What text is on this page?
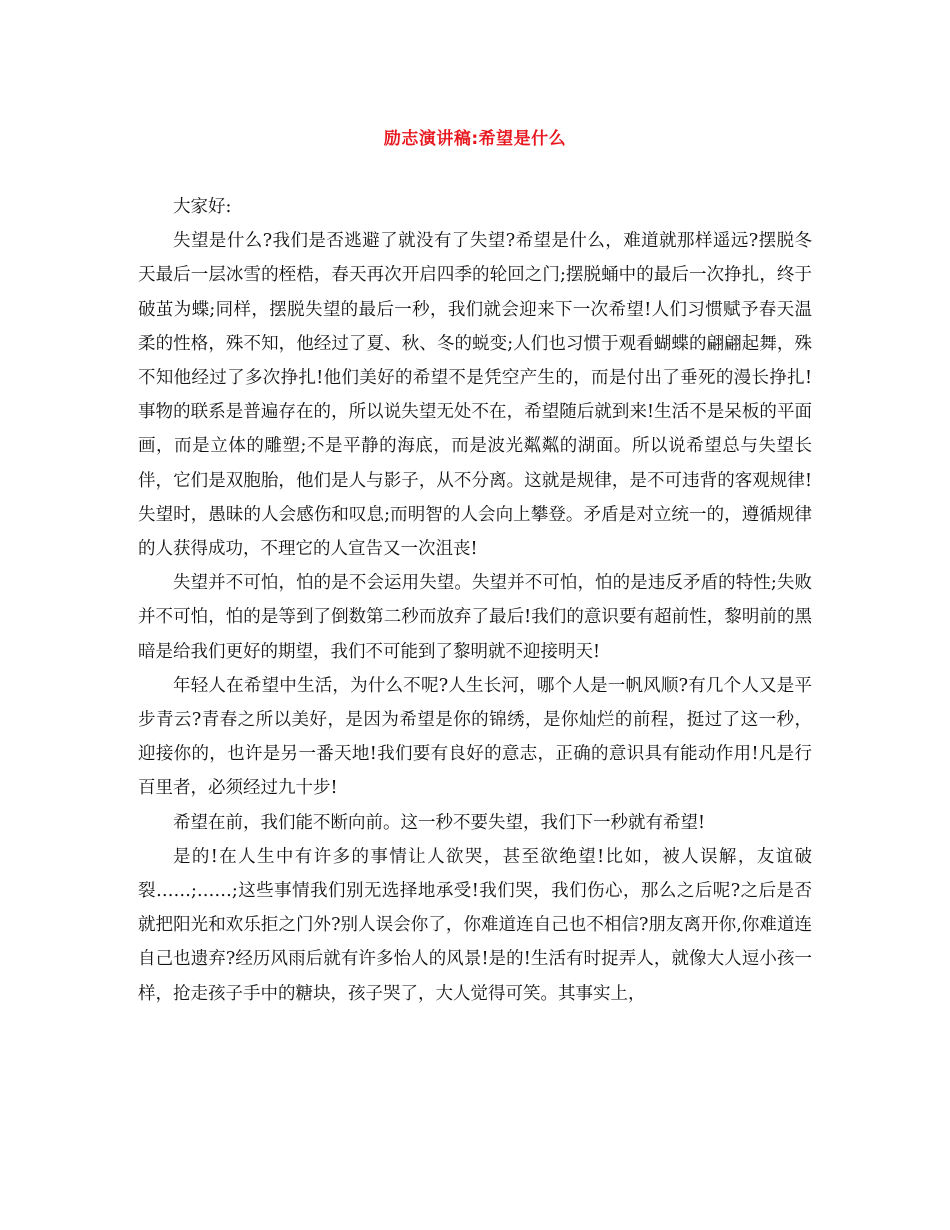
励志演讲稿:希望是什么

大家好:

失望是什么?我们是否逃避了就没有了失望?希望是什么，难道就那样遥远?摆脱冬天最后一层冰雪的桎梏，春天再次开启四季的轮回之门;摆脱蛹中的最后一次挣扎，终于破茧为蝶;同样，摆脱失望的最后一秒，我们就会迎来下一次希望!人们习惯赋予春天温柔的性格，殊不知，他经过了夏、秋、冬的蜕变;人们也习惯于观看蝴蝶的翩翩起舞，殊不知他经过了多次挣扎!他们美好的希望不是凭空产生的，而是付出了垂死的漫长挣扎!事物的联系是普遍存在的，所以说失望无处不在，希望随后就到来!生活不是呆板的平面画，而是立体的雕塑;不是平静的海底，而是波光粼粼的湖面。所以说希望总与失望长伴，它们是双胞胎，他们是人与影子，从不分离。这就是规律，是不可违背的客观规律!失望时，愚昧的人会感伤和叹息;而明智的人会向上攀登。矛盾是对立统一的，遵循规律的人获得成功，不理它的人宣告又一次沮丧!

失望并不可怕，怕的是不会运用失望。失望并不可怕，怕的是违反矛盾的特性;失败并不可怕，怕的是等到了倒数第二秒而放弃了最后!我们的意识要有超前性，黎明前的黑暗是给我们更好的期望，我们不可能到了黎明就不迎接明天!

年轻人在希望中生活，为什么不呢?人生长河，哪个人是一帆风顺?有几个人又是平步青云?青春之所以美好，是因为希望是你的锦绣，是你灿烂的前程，挺过了这一秒，迎接你的，也许是另一番天地!我们要有良好的意志，正确的意识具有能动作用!凡是行百里者，必须经过九十步!

希望在前，我们能不断向前。这一秒不要失望，我们下一秒就有希望!

是的!在人生中有许多的事情让人欲哭，甚至欲绝望!比如，被人误解，友谊破裂……;……;这些事情我们别无选择地承受!我们哭，我们伤心，那么之后呢?之后是否就把阳光和欢乐拒之门外?别人误会你了，你难道连自己也不相信?朋友离开你,你难道连自己也遗弃?经历风雨后就有许多怡人的风景!是的!生活有时捉弄人，就像大人逗小孩一样，抢走孩子手中的糖块，孩子哭了，大人觉得可笑。其事实上，
